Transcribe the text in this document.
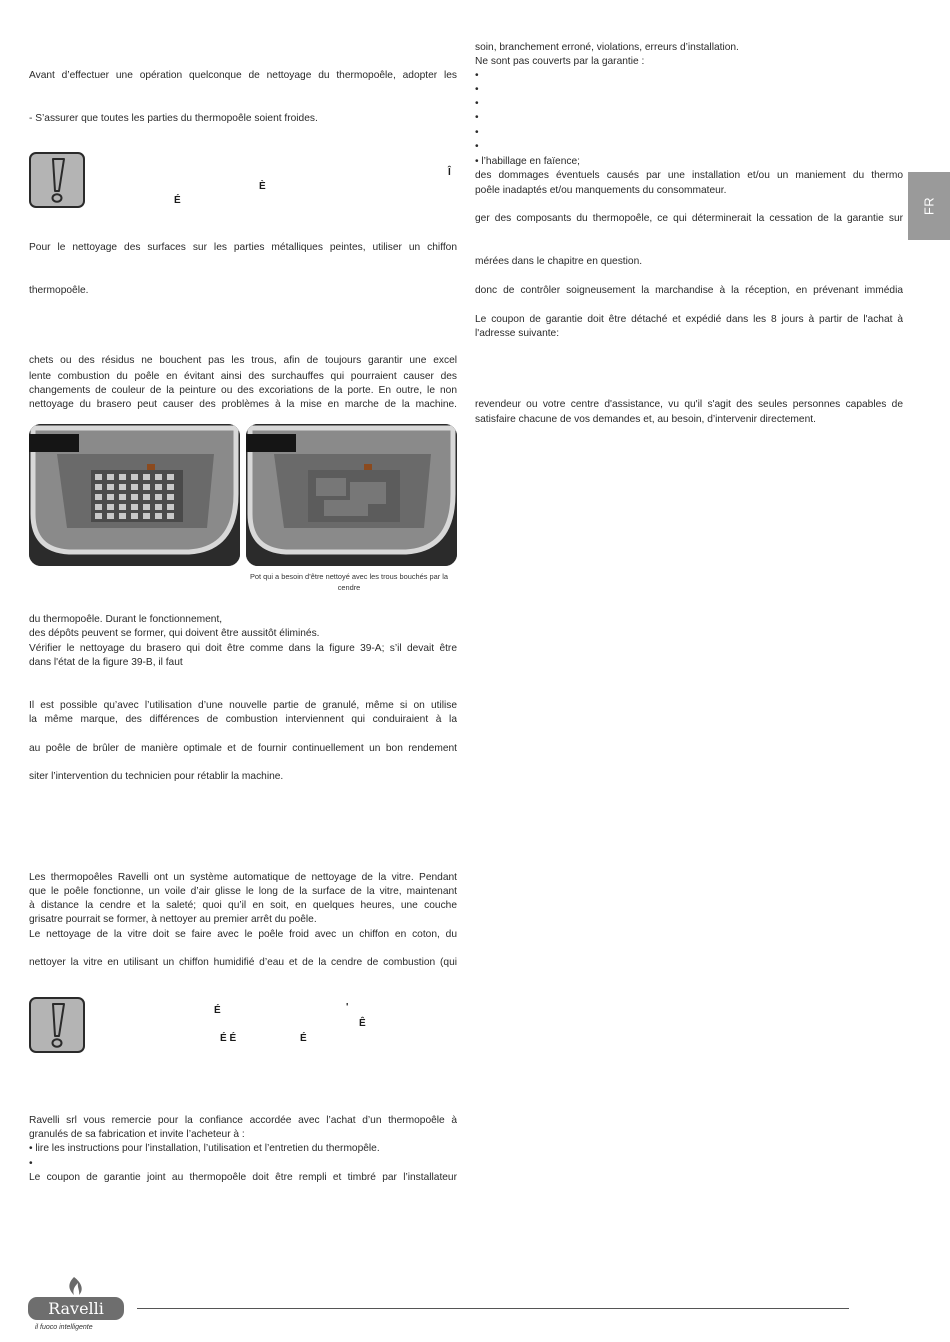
FR
Avant d’effectuer une opération quelconque de nettoyage du thermopoêle, adopter les
- S’assurer que toutes les parties du thermopoêle soient froides.
Î
È
É
Pour le nettoyage des surfaces sur les parties métalliques peintes, utiliser un chiffon
thermopoêle.
chets ou des résidus ne bouchent pas les trous, afin de toujours garantir une excel
lente combustion du poêle en évitant ainsi des surchauffes qui pourraient causer des
changements de couleur de la peinture ou des excoriations de la porte. En outre, le non
nettoyage du brasero peut causer des problèmes à la mise en marche de la machine.
Pot qui a besoin d’être nettoyé avec les trous bouchés par la cendre
du thermopoêle. Durant le fonctionnement,
des dépôts peuvent se former, qui doivent être aussitôt éliminés.
Vérifier le nettoyage du brasero qui doit être comme dans la figure 39-A; s’il devait être
dans l'état de la figure 39-B, il faut
Il est possible qu’avec l’utilisation d’une nouvelle partie de granulé, même si on utilise
la même marque, des différences de combustion interviennent qui conduiraient à la
au poêle de brûler de manière optimale et de fournir continuellement un bon rendement
siter l’intervention du technicien pour rétablir la machine.
Les thermopoêles Ravelli ont un système automatique de nettoyage de la vitre. Pendant
que le poêle fonctionne, un voile d’air glisse le long de la surface de la vitre, maintenant
à distance la cendre et la saleté; quoi qu’il en soit, en quelques heures, une couche
grisatre pourrait se former, à nettoyer au premier arrêt du poêle.
Le nettoyage de la vitre doit se faire avec le poêle froid avec un chiffon en coton, du
nettoyer la vitre en utilisant un chiffon humidifié d’eau et de la cendre de combustion (qui
É	'
Ê
É É	É
Ravelli srl vous remercie pour la confiance accordée avec l’achat d’un thermopoêle à
granulés de sa fabrication et invite l’acheteur à :
• lire les instructions pour l’installation, l’utilisation et l’entretien du thermopêle.
•
Le coupon de garantie joint au thermopoêle doit être rempli et timbré par l’installateur
soin, branchement erroné, violations, erreurs d’installation.
Ne sont pas couverts par la garantie :
•
•
•
•
•
•
• l’habillage en faïence;
des dommages éventuels causés par une installation et/ou un maniement du thermo
poêle inadaptés et/ou manquements du consommateur.
ger des composants du thermopoêle, ce qui déterminerait la cessation de la garantie sur
mérées dans le chapitre en question.
donc de contrôler soigneusement la marchandise à la réception, en prévenant immédia
Le coupon de garantie doit être détaché et expédié dans les 8 jours à partir de l'achat à
l'adresse suivante:
revendeur ou votre centre d'assistance, vu qu'il s'agit des seules personnes capables de
satisfaire chacune de vos demandes et, au besoin, d’intervenir directement.
Ravelli
il fuoco intelligente
